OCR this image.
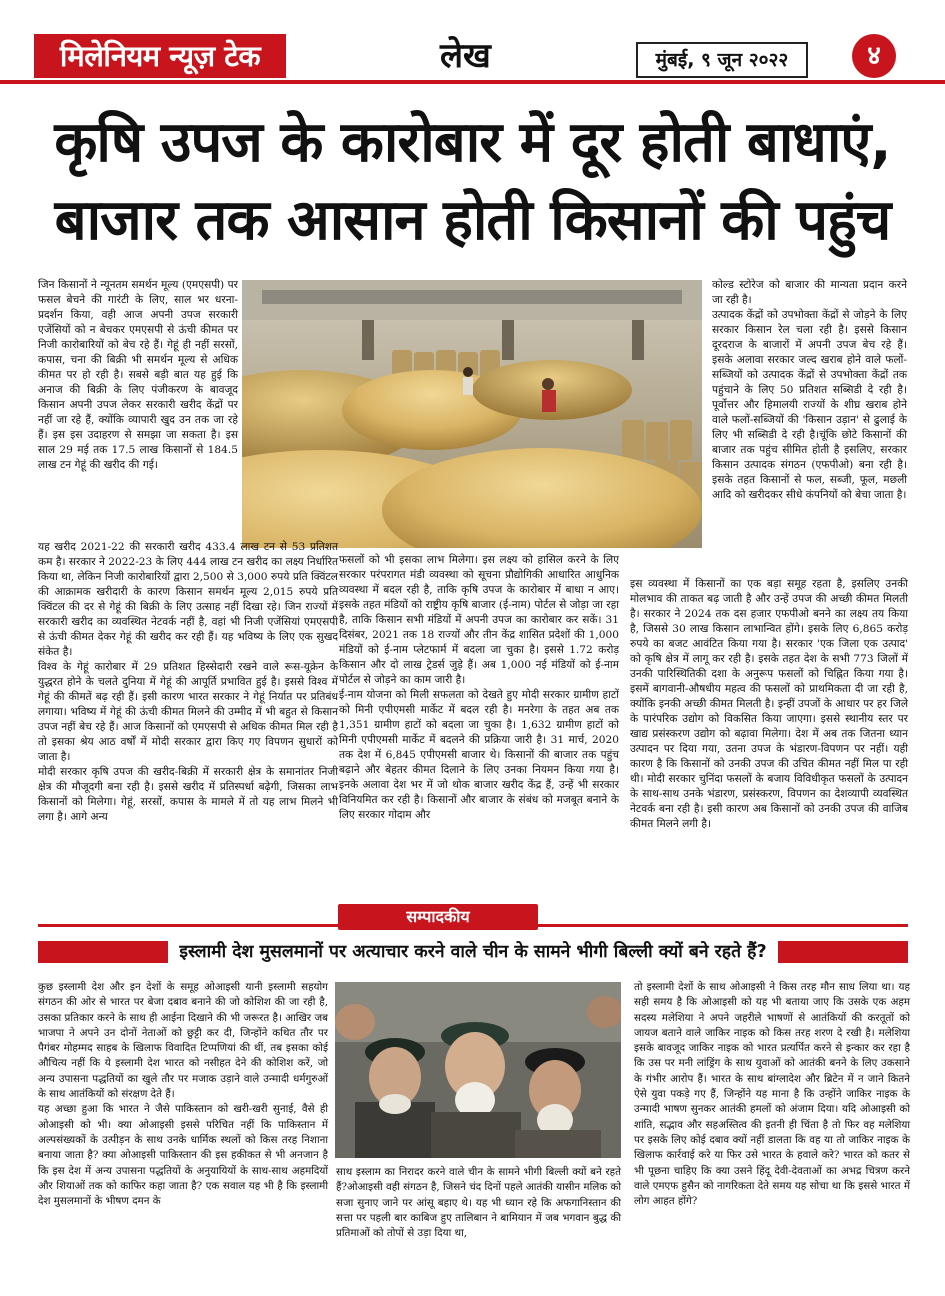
मिलेनियम न्यूज़ टेक	लेख	मुंबई, ९ जून २०२२	४
कृषि उपज के कारोबार में दूर होती बाधाएं,
बाजार तक आसान होती किसानों की पहुंच

जिन किसानों ने न्यूनतम समर्थन मूल्य (एमएसपी) पर फसल बेचने की गारंटी के लिए, साल भर धरना-प्रदर्शन किया, वही आज अपनी उपज सरकारी एजेंसियों को न बेचकर एमएसपी से ऊंची कीमत पर निजी कारोबारियों को बेच रहे हैं। गेहूं ही नहीं सरसों, कपास, चना की बिक्री भी समर्थन मूल्य से अधिक कीमत पर हो रही है। सबसे बड़ी बात यह हुई कि अनाज की बिक्री के लिए पंजीकरण के बावजूद किसान अपनी उपज लेकर सरकारी खरीद केंद्रों पर नहीं जा रहे हैं, क्योंकि व्यापारी खुद उन तक जा रहे हैं। इस इस उदाहरण से समझा जा सकता है। इस साल 29 मई तक 17.5 लाख किसानों से 184.5 लाख टन गेहूं की खरीद की गई।

यह खरीद 2021-22 की सरकारी खरीद 433.4 लाख टन से 53 प्रतिशत कम है। सरकार ने 2022-23 के लिए 444 लाख टन खरीद का लक्ष्य निर्धारित किया था, लेकिन निजी कारोबारियों द्वारा 2,500 से 3,000 रुपये प्रति क्विंटल की आक्रामक खरीदारी के कारण किसान समर्थन मूल्य 2,015 रुपये प्रति क्विंटल की दर से गेहूं की बिक्री के लिए उत्साह नहीं दिखा रहे। जिन राज्यों में सरकारी खरीद का व्यवस्थित नेटवर्क नहीं है, वहां भी निजी एजेंसियां एमएसपी से ऊंची कीमत देकर गेहूं की खरीद कर रही हैं। यह भविष्य के लिए एक सुखद संकेत है।

विश्व के गेहूं कारोबार में 29 प्रतिशत हिस्सेदारी रखने वाले रूस-यूक्रेन के युद्धरत होने के चलते दुनिया में गेहूं की आपूर्ति प्रभावित हुई है। इससे विश्व में गेहूं की कीमतें बढ़ रही हैं। इसी कारण भारत सरकार ने गेहूं निर्यात पर प्रतिबंध लगाया। भविष्य में गेहूं की ऊंची कीमत मिलने की उम्मीद में भी बहुत से किसान उपज नहीं बेच रहे हैं। आज किसानों को एमएसपी से अधिक कीमत मिल रही है तो इसका श्रेय आठ वर्षों में मोदी सरकार द्वारा किए गए विपणन सुधारों को जाता है।

मोदी सरकार कृषि उपज की खरीद-बिक्री में सरकारी क्षेत्र के समानांतर निजी क्षेत्र की मौजूदगी बना रही है। इससे खरीद में प्रतिस्पर्धा बढ़ेगी, जिसका लाभ किसानों को मिलेगा। गेहूं, सरसों, कपास के मामले में तो यह लाभ मिलने भी लगा है। आगे अन्य

फसलों को भी इसका लाभ मिलेगा। इस लक्ष्य को हासिल करने के लिए सरकार परंपरागत मंडी व्यवस्था को सूचना प्रौद्योगिकी आधारित आधुनिक व्यवस्था में बदल रही है, ताकि कृषि उपज के कारोबार में बाधा न आए। इसके तहत मंडियों को राष्ट्रीय कृषि बाजार (ई-नाम) पोर्टल से जोड़ा जा रहा है, ताकि किसान सभी मंडियों में अपनी उपज का कारोबार कर सकें। 31 दिसंबर, 2021 तक 18 राज्यों और तीन केंद्र शासित प्रदेशों की 1,000 मंडियों को ई-नाम प्लेटफार्म में बदला जा चुका है। इससे 1.72 करोड़ किसान और दो लाख ट्रेडर्स जुड़े हैं। अब 1,000 नई मंडियों को ई-नाम पोर्टल से जोड़ने का काम जारी है।

ई-नाम योजना को मिली सफलता को देखते हुए मोदी सरकार ग्रामीण हाटों को मिनी एपीएमसी मार्केट में बदल रही है। मनरेगा के तहत अब तक 1,351 ग्रामीण हाटों को बदला जा चुका है। 1,632 ग्रामीण हाटों को मिनी एपीएमसी मार्केट में बदलने की प्रक्रिया जारी है। 31 मार्च, 2020 तक देश में 6,845 एपीएमसी बाजार थे। किसानों की बाजार तक पहुंच बढ़ाने और बेहतर कीमत दिलाने के लिए उनका नियमन किया गया है। इनके अलावा देश भर में जो थोक बाजार खरीद केंद्र हैं, उन्हें भी सरकार विनियमित कर रही है। किसानों और बाजार के संबंध को मजबूत बनाने के लिए सरकार गोदाम और

कोल्ड स्टोरेज को बाजार की मान्यता प्रदान करने जा रही है।

उत्पादक केंद्रों को उपभोक्ता केंद्रों से जोड़ने के लिए सरकार किसान रेल चला रही है। इससे किसान दूरदराज के बाजारों में अपनी उपज बेच रहे हैं। इसके अलावा सरकार जल्द खराब होने वाले फलों-सब्जियों को उत्पादक केंद्रों से उपभोक्ता केंद्रों तक पहुंचाने के लिए 50 प्रतिशत सब्सिडी दे रही है। पूर्वोत्तर और हिमालयी राज्यों के शीघ्र खराब होने वाले फलों-सब्जियों की 'किसान उड़ान' से ढुलाई के लिए भी सब्सिडी दे रही है।चूंकि छोटे किसानों की बाजार तक पहुंच सीमित होती है इसलिए, सरकार किसान उत्पादक संगठन (एफपीओ) बना रही है। इसके तहत किसानों से फल, सब्जी, फूल, मछली आदि को खरीदकर सीधे कंपनियों को बेचा जाता है।

इस व्यवस्था में किसानों का एक बड़ा समूह रहता है, इसलिए उनकी मोलभाव की ताकत बढ़ जाती है और उन्हें उपज की अच्छी कीमत मिलती है। सरकार ने 2024 तक दस हजार एफपीओ बनने का लक्ष्य तय किया है, जिससे 30 लाख किसान लाभान्वित होंगे। इसके लिए 6,865 करोड़ रुपये का बजट आवंटित किया गया है। सरकार 'एक जिला एक उत्पाद' को कृषि क्षेत्र में लागू कर रही है। इसके तहत देश के सभी 773 जिलों में उनकी पारिस्थितिकी दशा के अनुरूप फसलों को चिह्नित किया गया है। इसमें बागवानी-औषधीय महत्व की फसलों को प्राथमिकता दी जा रही है, क्योंकि इनकी अच्छी कीमत मिलती है। इन्हीं उपजों के आधार पर हर जिले के पारंपरिक उद्योग को विकसित किया जाएगा। इससे स्थानीय स्तर पर खाद्य प्रसंस्करण उद्योग को बढ़ावा मिलेगा। देश में अब तक जितना ध्यान उत्पादन पर दिया गया, उतना उपज के भंडारण-विपणन पर नहीं। यही कारण है कि किसानों को उनकी उपज की उचित कीमत नहीं मिल पा रही थी। मोदी सरकार चुनिंदा फसलों के बजाय विविधीकृत फसलों के उत्पादन के साथ-साथ उनके भंडारण, प्रसंस्करण, विपणन का देशव्यापी व्यवस्थित नेटवर्क बना रही है। इसी कारण अब किसानों को उनकी उपज की वाजिब कीमत मिलने लगी है।

सम्पादकीय
इस्लामी देश मुसलमानों पर अत्याचार करने वाले चीन के सामने भीगी बिल्ली क्यों बने रहते हैं?

कुछ इस्लामी देश और इन देशों के समूह ओआइसी यानी इस्लामी सहयोग संगठन की ओर से भारत पर बेजा दबाव बनाने की जो कोशिश की जा रही है, उसका प्रतिकार करने के साथ ही आईना दिखाने की भी जरूरत है। आखिर जब भाजपा ने अपने उन दोनों नेताओं को छुट्टी कर दी, जिन्होंने कथित तौर पर पैगंबर मोहम्मद साहब के खिलाफ विवादित टिप्पणियां की थीं, तब इसका कोई औचित्य नहीं कि ये इस्लामी देश भारत को नसीहत देने की कोशिश करें, जो अन्य उपासना पद्धतियों का खुले तौर पर मजाक उड़ाने वाले उन्मादी धर्मगुरुओं के साथ आतंकियों को संरक्षण देते हैं।

यह अच्छा हुआ कि भारत ने जैसे पाकिस्तान को खरी-खरी सुनाई, वैसे ही ओआइसी को भी। क्या ओआइसी इससे परिचित नहीं कि पाकिस्तान में अल्पसंख्यकों के उत्पीड़न के साथ उनके धार्मिक स्थलों को किस तरह निशाना बनाया जाता है? क्या ओआइसी पाकिस्तान की इस हकीकत से भी अनजान है कि इस देश में अन्य उपासना पद्धतियों के अनुयायियों के साथ-साथ अहमदियों और शियाओं तक को काफिर कहा जाता है? एक सवाल यह भी है कि इस्लामी देश मुसलमानों के भीषण दमन के

साथ इस्लाम का निरादर करने वाले चीन के सामने भीगी बिल्ली क्यों बने रहते हैं?ओआइसी वही संगठन है, जिसने चंद दिनों पहले आतंकी यासीन मलिक को सजा सुनाए जाने पर आंसू बहाए थे। यह भी ध्यान रहे कि अफगानिस्तान की सत्ता पर पहली बार काबिज हुए तालिबान ने बामियान में जब भगवान बुद्ध की प्रतिमाओं को तोपों से उड़ा दिया था,

तो इस्लामी देशों के साथ ओआइसी ने किस तरह मौन साध लिया था। यह सही समय है कि ओआइसी को यह भी बताया जाए कि उसके एक अहम सदस्य मलेशिया ने अपने जहरीले भाषणों से आतंकियों की करतूतों को जायज बताने वाले जाकिर नाइक को किस तरह शरण दे रखी है। मलेशिया इसके बावजूद जाकिर नाइक को भारत प्रत्यर्पित करने से इन्कार कर रहा है कि उस पर मनी लांड्रिंग के साथ युवाओं को आतंकी बनने के लिए उकसाने के गंभीर आरोप हैं। भारत के साथ बांग्लादेश और ब्रिटेन में न जाने कितने ऐसे युवा पकड़े गए हैं, जिन्होंने यह माना है कि उन्होंने जाकिर नाइक के उन्मादी भाषण सुनकर आतंकी हमलों को अंजाम दिया। यदि ओआइसी को शांति, सद्भाव और सहअस्तित्व की इतनी ही चिंता है तो फिर वह मलेशिया पर इसके लिए कोई दबाव क्यों नहीं डालता कि वह या तो जाकिर नाइक के खिलाफ कार्रवाई करे या फिर उसे भारत के हवाले करे? भारत को कतर से भी पूछना चाहिए कि क्या उसने हिंदू देवी-देवताओं का अभद्र चित्रण करने वाले एमएफ हुसैन को नागरिकता देते समय यह सोचा था कि इससे भारत में लोग आहत होंगे?
